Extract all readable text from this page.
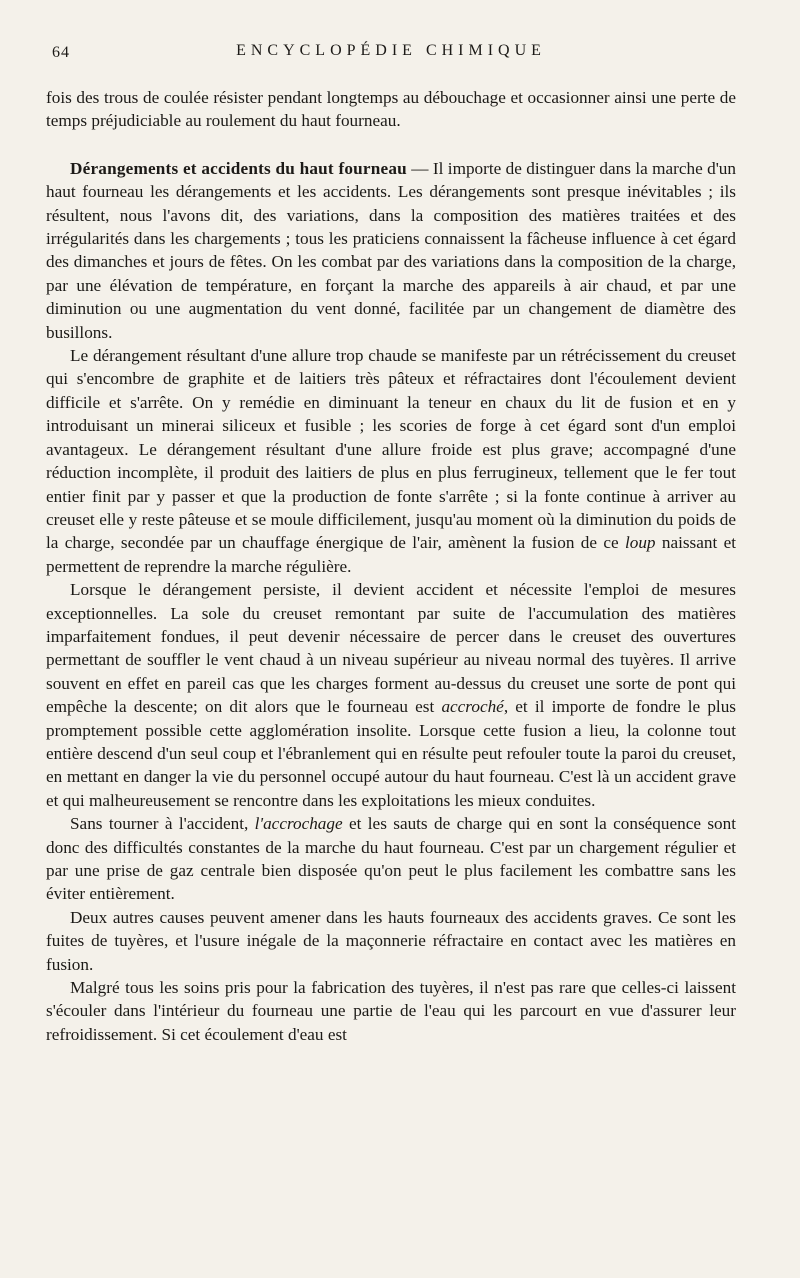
64	ENCYCLOPÉDIE CHIMIQUE

fois des trous de coulée résister pendant longtemps au débouchage et occasionner ainsi une perte de temps préjudiciable au roulement du haut fourneau.

Dérangements et accidents du haut fourneau — Il importe de distinguer dans la marche d'un haut fourneau les dérangements et les accidents. Les dérangements sont presque inévitables ; ils résultent, nous l'avons dit, des variations, dans la composition des matières traitées et des irrégularités dans les chargements ; tous les praticiens connaissent la fâcheuse influence à cet égard des dimanches et jours de fêtes. On les combat par des variations dans la composition de la charge, par une élévation de température, en forçant la marche des appareils à air chaud, et par une diminution ou une augmentation du vent donné, facilitée par un changement de diamètre des busillons.

Le dérangement résultant d'une allure trop chaude se manifeste par un rétrécissement du creuset qui s'encombre de graphite et de laitiers très pâteux et réfractaires dont l'écoulement devient difficile et s'arrête. On y remédie en diminuant la teneur en chaux du lit de fusion et en y introduisant un minerai siliceux et fusible ; les scories de forge à cet égard sont d'un emploi avantageux. Le dérangement résultant d'une allure froide est plus grave; accompagné d'une réduction incomplète, il produit des laitiers de plus en plus ferrugineux, tellement que le fer tout entier finit par y passer et que la production de fonte s'arrête ; si la fonte continue à arriver au creuset elle y reste pâteuse et se moule difficilement, jusqu'au moment où la diminution du poids de la charge, secondée par un chauffage énergique de l'air, amènent la fusion de ce loup naissant et permettent de reprendre la marche régulière.

Lorsque le dérangement persiste, il devient accident et nécessite l'emploi de mesures exceptionnelles. La sole du creuset remontant par suite de l'accumulation des matières imparfaitement fondues, il peut devenir nécessaire de percer dans le creuset des ouvertures permettant de souffler le vent chaud à un niveau supérieur au niveau normal des tuyères. Il arrive souvent en effet en pareil cas que les charges forment au-dessus du creuset une sorte de pont qui empêche la descente; on dit alors que le fourneau est accroché, et il importe de fondre le plus promptement possible cette agglomération insolite. Lorsque cette fusion a lieu, la colonne tout entière descend d'un seul coup et l'ébranlement qui en résulte peut refouler toute la paroi du creuset, en mettant en danger la vie du personnel occupé autour du haut fourneau. C'est là un accident grave et qui malheureusement se rencontre dans les exploitations les mieux conduites.

Sans tourner à l'accident, l'accrochage et les sauts de charge qui en sont la conséquence sont donc des difficultés constantes de la marche du haut fourneau. C'est par un chargement régulier et par une prise de gaz centrale bien disposée qu'on peut le plus facilement les combattre sans les éviter entièrement.

Deux autres causes peuvent amener dans les hauts fourneaux des accidents graves. Ce sont les fuites de tuyères, et l'usure inégale de la maçonnerie réfractaire en contact avec les matières en fusion.

Malgré tous les soins pris pour la fabrication des tuyères, il n'est pas rare que celles-ci laissent s'écouler dans l'intérieur du fourneau une partie de l'eau qui les parcourt en vue d'assurer leur refroidissement. Si cet écoulement d'eau est
